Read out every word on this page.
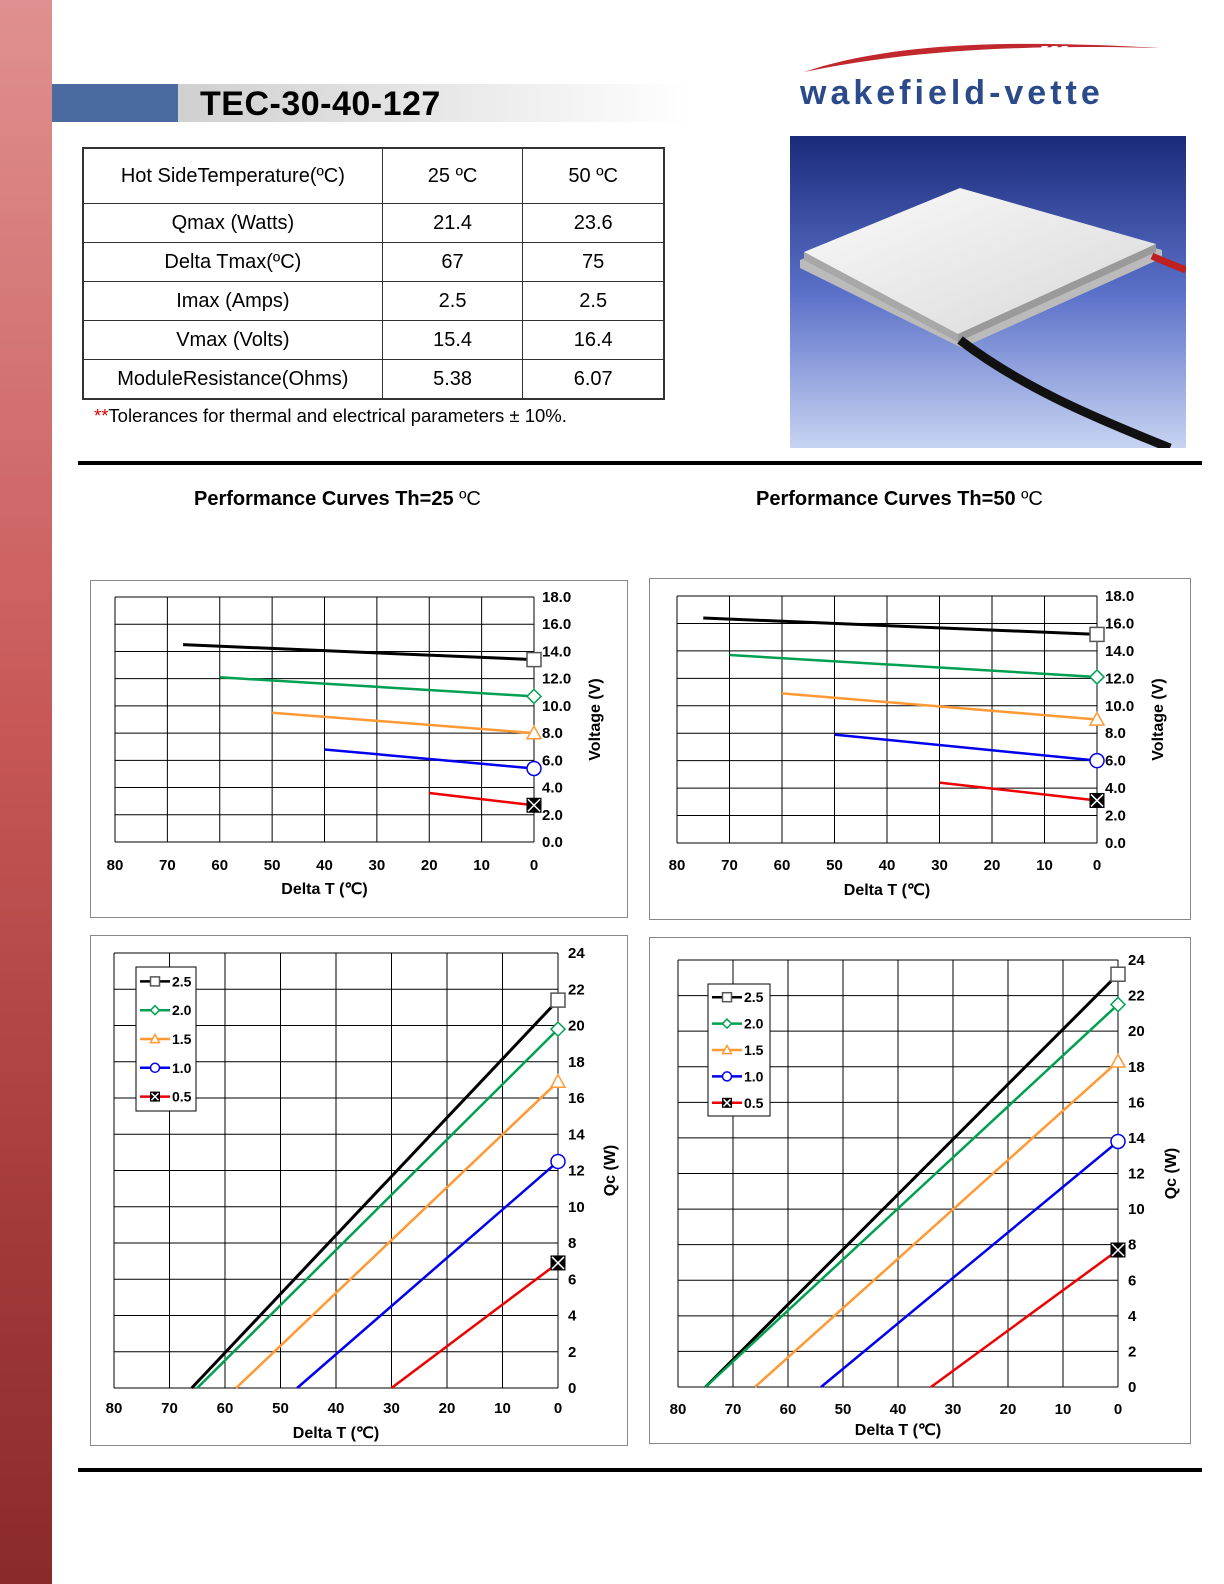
TEC-30-40-127	wakefield-vette
Hot SideTemperature(ºC)	25 ºC	50 ºC
Qmax (Watts)	21.4	23.6
Delta Tmax(ºC)	67	75
Imax (Amps)	2.5	2.5
Vmax (Volts)	15.4	16.4
ModuleResistance(Ohms)	5.38	6.07
**Tolerances for thermal and electrical parameters ± 10%.
Performance Curves Th=25 ºC	Performance Curves Th=50 ºC
0.0
2.0
4.0
6.0
8.0
10.0
12.0
14.0
16.0
18.0
80 70 60 50 40 30 20 10	0
Delta T (℃)
Voltage (V)
0.0
2.0
4.0
6.0
8.0
10.0
12.0
14.0
16.0
18.0
80 70 60 50 40 30 20 10	0
Delta T (℃)
Voltage (V)
0
2
4
6
8
10
12
14
16
18
20
22
24
80	70	60	50	40	30	20	10	0
Delta T (℃)
Qc (W)
2.5
2.0
1.5
1.0
0.5
0
2
4
6
8
10
12
14
16
18
20
22
24
80	70	60	50	40	30	20	10	0
Delta T (℃)
Qc (W)
2.5
2.0
1.5
1.0
0.5
